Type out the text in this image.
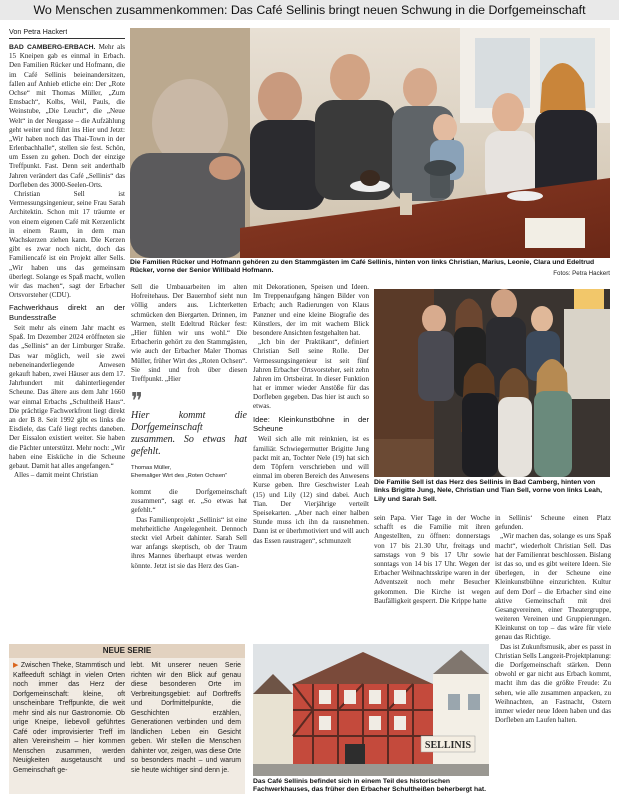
Wo Menschen zusammenkommen: Das Café Sellinis bringt neuen Schwung in die Dorfgemeinschaft
Von Petra Hackert

BAD CAMBERG-ERBACH. Mehr als 15 Kneipen gab es einmal in Erbach. Den Familien Rücker und Hofmann, die im Café Sellinis beieinandersitzen, fallen auf Anhieb etliche ein: Der „Rote Ochse“ mit Thomas Müller, „Zum Emsbach“, Kolbs, Weil, Pauls, die Weinstube, „Die Leucht“, die „Neue Welt“ in der Neugasse – die Aufzählung geht weiter und führt ins Hier und Jetzt: „Wir haben noch das Thai-Town in der Erlenbachhalle“, stellen sie fest. Schön, um Essen zu gehen. Doch der einzige Treffpunkt. Fast. Denn seit anderthalb Jahren verändert das Café „Sellinis“ das Dorfleben des 3000-Seelen-Orts.

Christian Sell ist Vermessungsingenieur, seine Frau Sarah Architektin. Schon mit 17 träumte er von einem eigenen Café mit Kerzenlicht in einem Raum, in dem man Wachskerzen ziehen kann. Die Kerzen gibt es zwar noch nicht, doch das Familiencafé ist ein Projekt aller Sells. „Wir haben uns das gemeinsam überlegt. Solange es Spaß macht, wollen wir das machen“, sagt der Erbacher Ortsvorsteher (CDU).

Fachwerkhaus direkt an der Bundesstraße

Seit mehr als einem Jahr macht es Spaß. Im Dezember 2024 eröffneten sie das „Sellinis“ an der Limburger Straße. Das war möglich, weil sie zwei nebeneinanderliegende Anwesen gekauft haben, zwei Häuser aus dem 17. Jahrhundert mit dahinterliegender Scheune. Das ältere aus dem Jahr 1660 war einmal Erbachs „Schultheiß Haus“. Die prächtige Fachwerkfront liegt direkt an der B 8. Seit 1992 gibt es links die Eisdiele, das Café liegt rechts daneben. Der Eissalon existiert weiter. Sie haben die Pächter unterstützt. Mehr noch: „Wir haben eine Eisküche in die Scheune gebaut. Damit hat alles angefangen.“

Alles – damit meint Christian

Die Familien Rücker und Hofmann gehören zu den Stammgästen im Café Sellinis, hinten von links Christian, Marius, Leonie, Clara und Edeltrud Rücker, vorne der Senior Willibald Hofmann.	Fotos: Petra Hackert

Sell die Umbauarbeiten im alten Hofreitehaus. Der Bauernhof sieht nun völlig anders aus. Lichterketten schmücken den Biergarten. Drinnen, im Warmen, stellt Edeltrud Rücker fest: „Hier fühlen wir uns wohl.“ Die Erbacherin gehört zu den Stammgästen, wie auch der Erbacher Maler Thomas Müller, früher Wirt des „Roten Ochsen“. Sie sind und froh über diesen Treffpunkt. „Hier

❞
Hier kommt die Dorfgemeinschaft zusammen. So etwas hat gefehlt.
Thomas Müller,
Ehemaliger Wirt des „Roten Ochsen“

kommt die Dorfgemeinschaft zusammen“, sagt er. „So etwas hat gefehlt.“

Das Familienprojekt „Sellinis“ ist eine mehrheitliche Angelegenheit. Dennoch steckt viel Arbeit dahinter. Sarah Sell war anfangs skeptisch, ob der Traum ihres Mannes überhaupt etwas werden könnte. Jetzt ist sie das Herz des Gan-

mit Dekorationen, Speisen und Ideen. Im Treppenaufgang hängen Bilder von Erbach; auch Radierungen von Klaus Panzner und eine kleine Biografie des Künstlers, der im mit wachem Blick besondere Ansichten festgehalten hat.

„Ich bin der Praktikant“, definiert Christian Sell seine Rolle. Der Vermessungsingenieur ist seit fünf Jahren Erbacher Ortsvorsteher, seit zehn Jahren im Ortsbeirat. In dieser Funktion hat er immer wieder Anstöße für das Dorfleben gegeben. Das hier ist auch so etwas.

Idee: Kleinkunstbühne in der Scheune

Weil sich alle mit reinknien, ist es familiär. Schwiegermutter Brigitte Jung packt mit an, Tochter Nele (19) hat sich dem Töpfern verschrieben und will einmal im oberen Bereich des Anwesens Kurse geben. Ihre Geschwister Leah (15) und Lily (12) sind dabei. Auch Tian. Der Vierjährige verteilt Speisekarten. „Aber nach einer halben Stunde muss ich ihn da rausnehmen. Dann ist er überhmotiviert und will auch das Essen raustragen“, schmunzelt

Die Familie Sell ist das Herz des Sellinis in Bad Camberg, hinten von links Brigitte Jung, Nele, Christian und Tian Sell, vorne von links Leah, Lily und Sarah Sell.

sein Papa. Vier Tage in der Woche schafft es die Familie mit ihren Angestellten, zu öffnen: donnerstags von 17 bis 21.30 Uhr, freitags und samstags von 9 bis 17 Uhr sowie sonntags von 14 bis 17 Uhr. Wegen der Erbacher Weihnachtsskripe waren in der Adventszeit noch mehr Besucher gekommen. Die Kirche ist wegen Baufälligkeit gesperrt. Die Krippe hatte

in Sellinis‘ Scheune einen Platz gefunden.

„Wir machen das, solange es uns Spaß macht“, wiederholt Christian Sell. Das hat der Familienrat beschlossen. Bislang ist das so, und es gibt weitere Ideen. Sie überlegen, in der Scheune eine Kleinkunstbühne einzurichten. Kultur auf dem Dorf – die Erbacher sind eine aktive Gemeinschaft mit drei Gesangvereinen, einer Theatergruppe, weiteren Vereinen und Gruppierungen. Kleinkunst on top – das wäre für viele genau das Richtige.

Das ist Zukunftsmusik, aber es passt in Christian Sells Langzeit-Projektplanung: die Dorfgemeinschaft stärken. Denn obwohl er gar nicht aus Erbach kommt, macht ihm das die größte Freude: Zu sehen, wie alle zusammen anpacken, zu Weihnachten, an Fastnacht, Ostern immer wieder neue Ideen haben und das Dorfleben am Laufen halten.

NEUE SERIE
▶ Zwischen Theke, Stammtisch und Kaffeeduft schlägt in vielen Orten noch immer das Herz der Dorfgemeinschaft: kleine, oft unscheinbare Treffpunkte, die weit mehr sind als nur Gastronomie. Ob urige Kneipe, liebevoll geführtes Café oder improvisierter Treff im alten Vereinsheim – hier kommen Menschen zusammen, werden Neuigkeiten ausgetauscht und Gemeinschaft ge-
lebt. Mit unserer neuen Serie richten wir den Blick auf genau diese besonderen Orte im Verbreitungsgebiet: auf Dorftreffs und Dorfmittelpunkte, die Geschichten erzählen, Generationen verbinden und dem ländlichen Leben ein Gesicht geben. Wir stellen die Menschen dahinter vor, zeigen, was diese Orte so besonders macht – und warum sie heute wichtiger sind denn je.
SELLINIS
Das Café Sellinis befindet sich in einem Teil des historischen Fachwerkhauses, das früher den Erbacher Schultheißen beherbergt hat.
